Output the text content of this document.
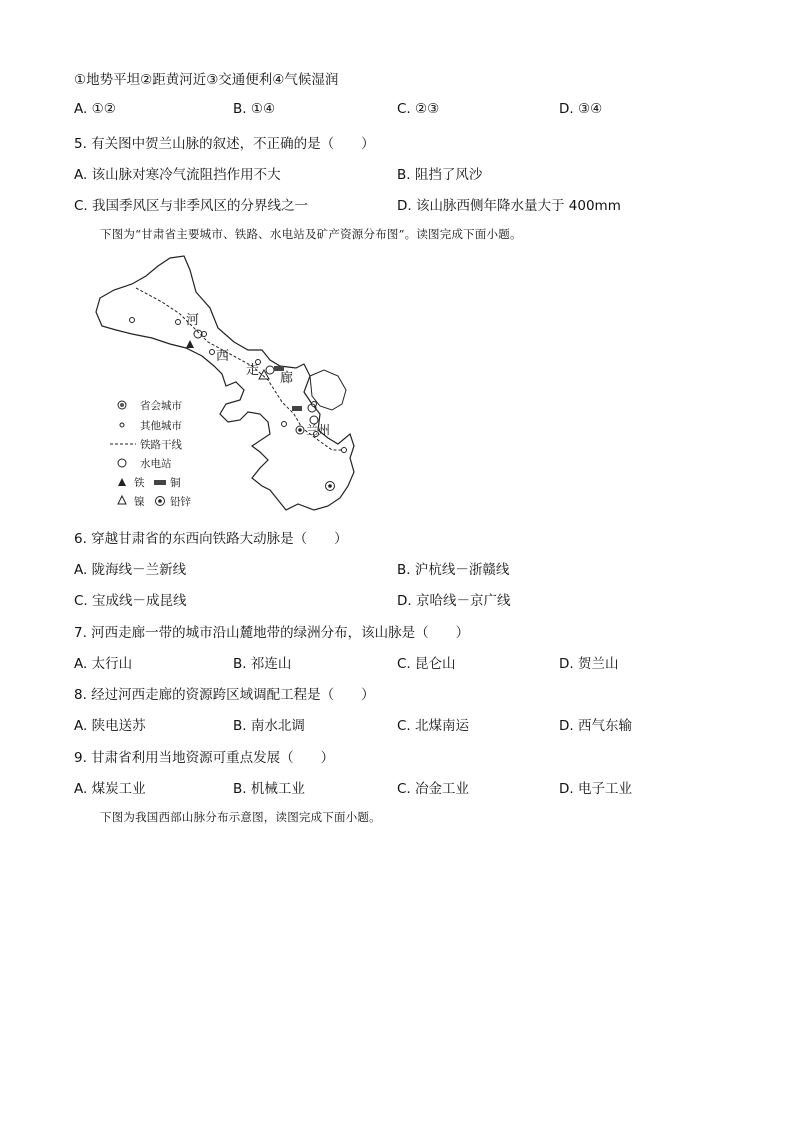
①地势平坦②距黄河近③交通便利④气候湿润
A. ①②	B. ①④	C. ②③	D. ③④
5. 有关图中贺兰山脉的叙述，不正确的是（　　）
A. 该山脉对寒冷气流阻挡作用不大	B. 阻挡了风沙
C. 我国季风区与非季风区的分界线之一	D. 该山脉西侧年降水量大于 400mm
下图为“甘肃省主要城市、铁路、水电站及矿产资源分布图”。读图完成下面小题。
河
西
走
廊
兰州
省会城市
其他城市
铁路干线
水电站
铁 铜
镍 铅锌
6. 穿越甘肃省的东西向铁路大动脉是（　　）
A. 陇海线－兰新线	B. 沪杭线－浙赣线
C. 宝成线－成昆线	D. 京哈线－京广线
7. 河西走廊一带的城市沿山麓地带的绿洲分布，该山脉是（　　）
A. 太行山	B. 祁连山	C. 昆仑山	D. 贺兰山
8. 经过河西走廊的资源跨区域调配工程是（　　）
A. 陕电送苏	B. 南水北调	C. 北煤南运	D. 西气东输
9. 甘肃省利用当地资源可重点发展（　　）
A. 煤炭工业	B. 机械工业	C. 冶金工业	D. 电子工业
下图为我国西部山脉分布示意图，读图完成下面小题。
